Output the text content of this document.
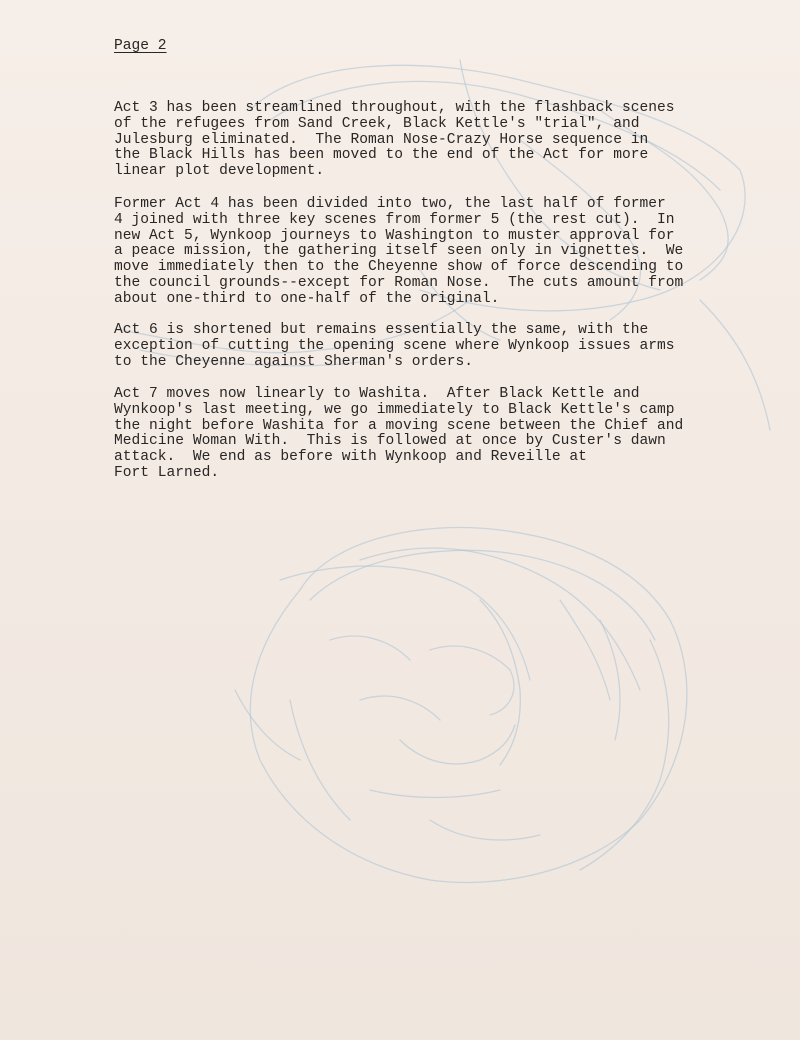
Page 2

Act 3 has been streamlined throughout, with the flashback scenes
of the refugees from Sand Creek, Black Kettle's "trial", and
Julesburg eliminated.  The Roman Nose-Crazy Horse sequence in
the Black Hills has been moved to the end of the Act for more
linear plot development.

Former Act 4 has been divided into two, the last half of former
4 joined with three key scenes from former 5 (the rest cut).  In
new Act 5, Wynkoop journeys to Washington to muster approval for
a peace mission, the gathering itself seen only in vignettes.  We
move immediately then to the Cheyenne show of force descending to
the council grounds--except for Roman Nose.  The cuts amount from
about one-third to one-half of the original.

Act 6 is shortened but remains essentially the same, with the
exception of cutting the opening scene where Wynkoop issues arms
to the Cheyenne against Sherman's orders.

Act 7 moves now linearly to Washita.  After Black Kettle and
Wynkoop's last meeting, we go immediately to Black Kettle's camp
the night before Washita for a moving scene between the Chief and
Medicine Woman With.  This is followed at once by Custer's dawn
attack.  We end as before with Wynkoop and Reveille at
Fort Larned.
